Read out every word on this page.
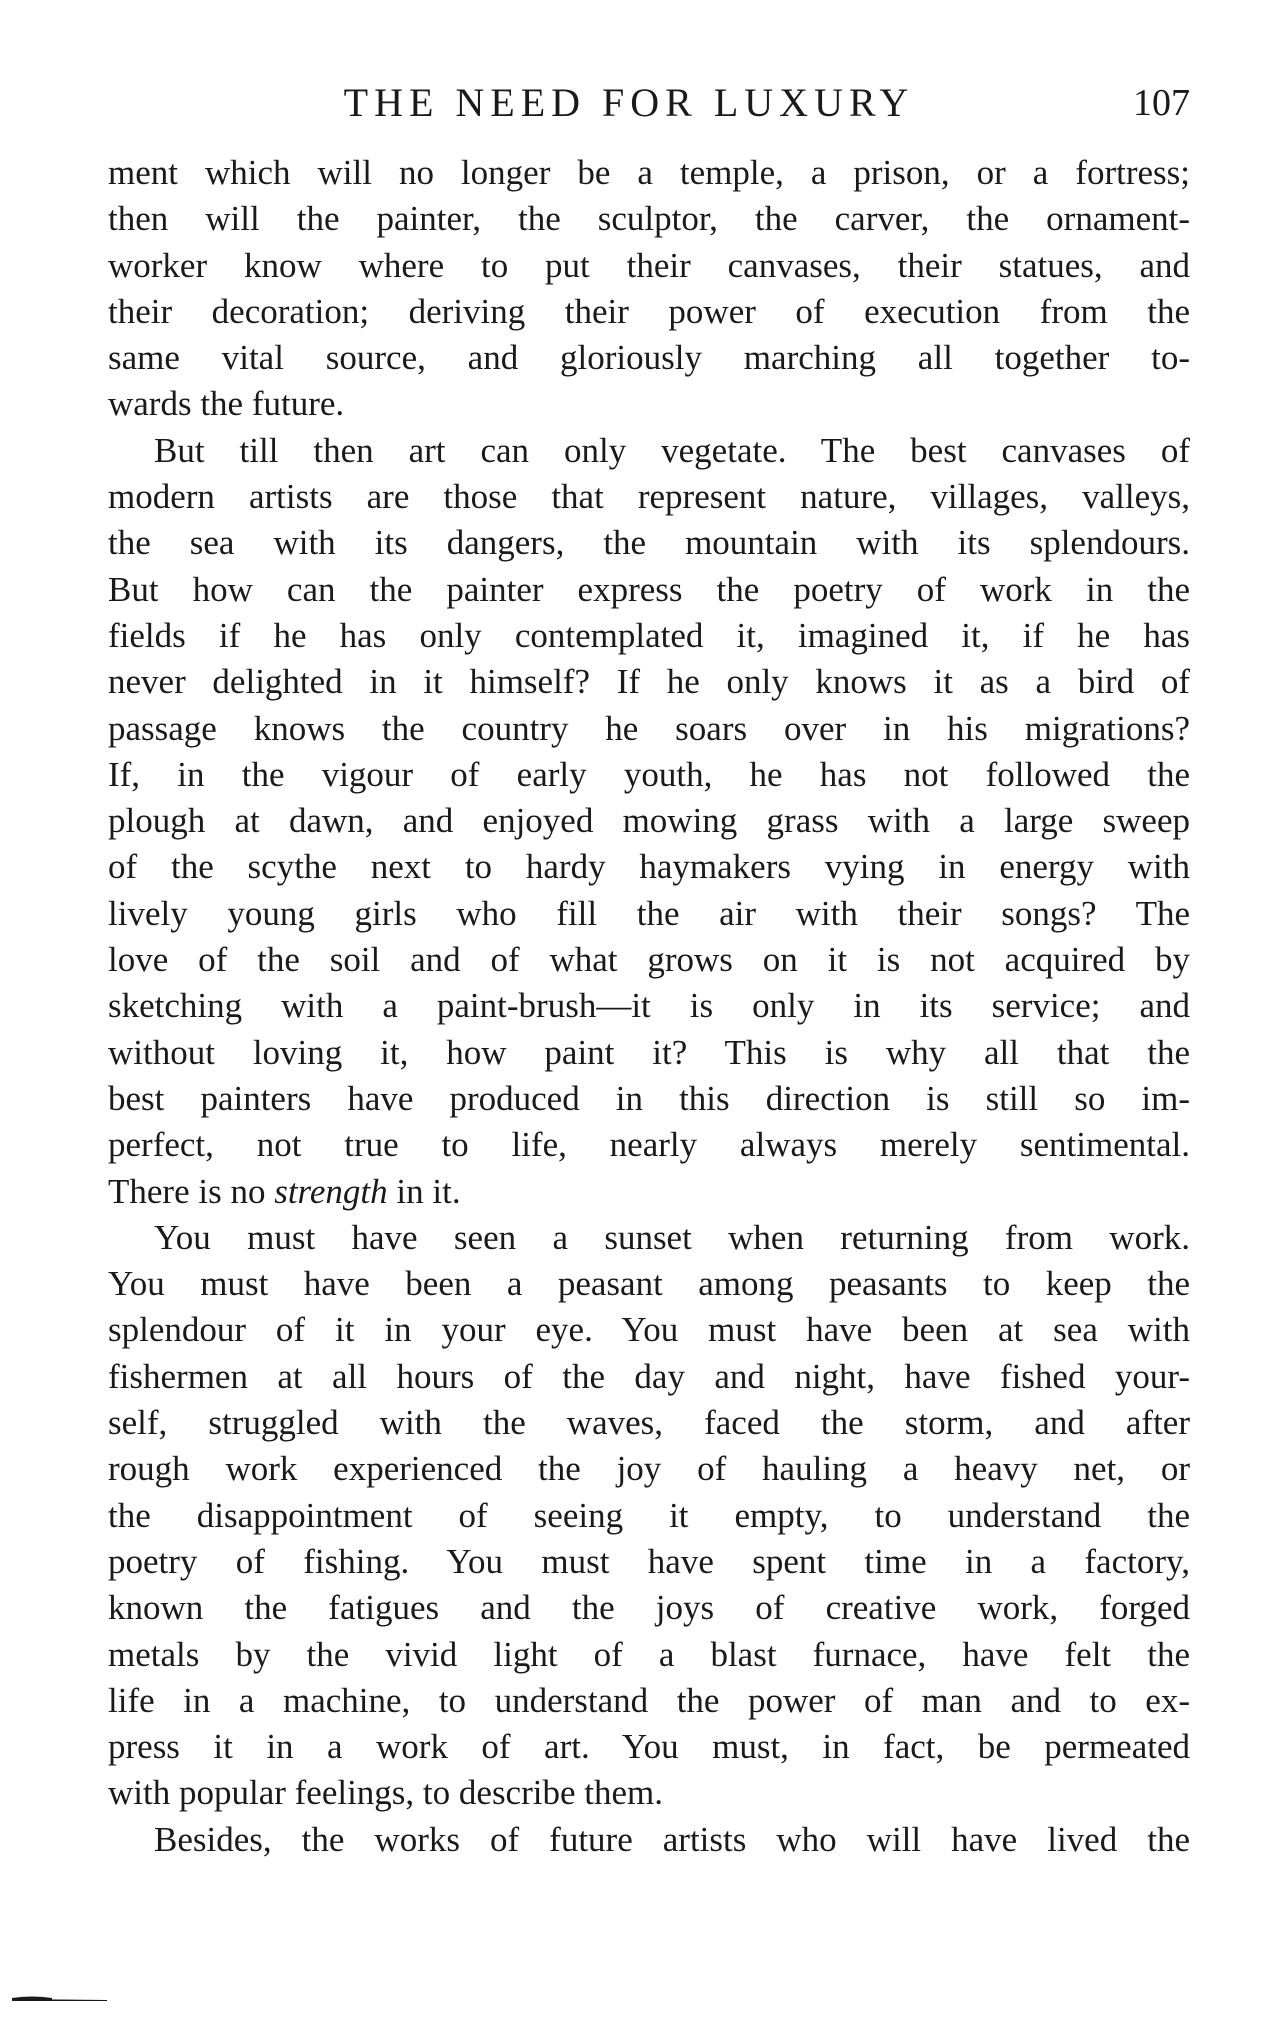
THE NEED FOR LUXURY	107
ment which will no longer be a temple, a prison, or a fortress;
then will the painter, the sculptor, the carver, the ornament-
worker know where to put their canvases, their statues, and
their decoration; deriving their power of execution from the
same vital source, and gloriously marching all together to-
wards the future.
But till then art can only vegetate. The best canvases of
modern artists are those that represent nature, villages, valleys,
the sea with its dangers, the mountain with its splendours.
But how can the painter express the poetry of work in the
fields if he has only contemplated it, imagined it, if he has
never delighted in it himself? If he only knows it as a bird of
passage knows the country he soars over in his migrations?
If, in the vigour of early youth, he has not followed the
plough at dawn, and enjoyed mowing grass with a large sweep
of the scythe next to hardy haymakers vying in energy with
lively young girls who fill the air with their songs? The
love of the soil and of what grows on it is not acquired by
sketching with a paint-brush—it is only in its service; and
without loving it, how paint it? This is why all that the
best painters have produced in this direction is still so im-
perfect, not true to life, nearly always merely sentimental.
There is no strength in it.
You must have seen a sunset when returning from work.
You must have been a peasant among peasants to keep the
splendour of it in your eye. You must have been at sea with
fishermen at all hours of the day and night, have fished your-
self, struggled with the waves, faced the storm, and after
rough work experienced the joy of hauling a heavy net, or
the disappointment of seeing it empty, to understand the
poetry of fishing. You must have spent time in a factory,
known the fatigues and the joys of creative work, forged
metals by the vivid light of a blast furnace, have felt the
life in a machine, to understand the power of man and to ex-
press it in a work of art. You must, in fact, be permeated
with popular feelings, to describe them.
Besides, the works of future artists who will have lived the
